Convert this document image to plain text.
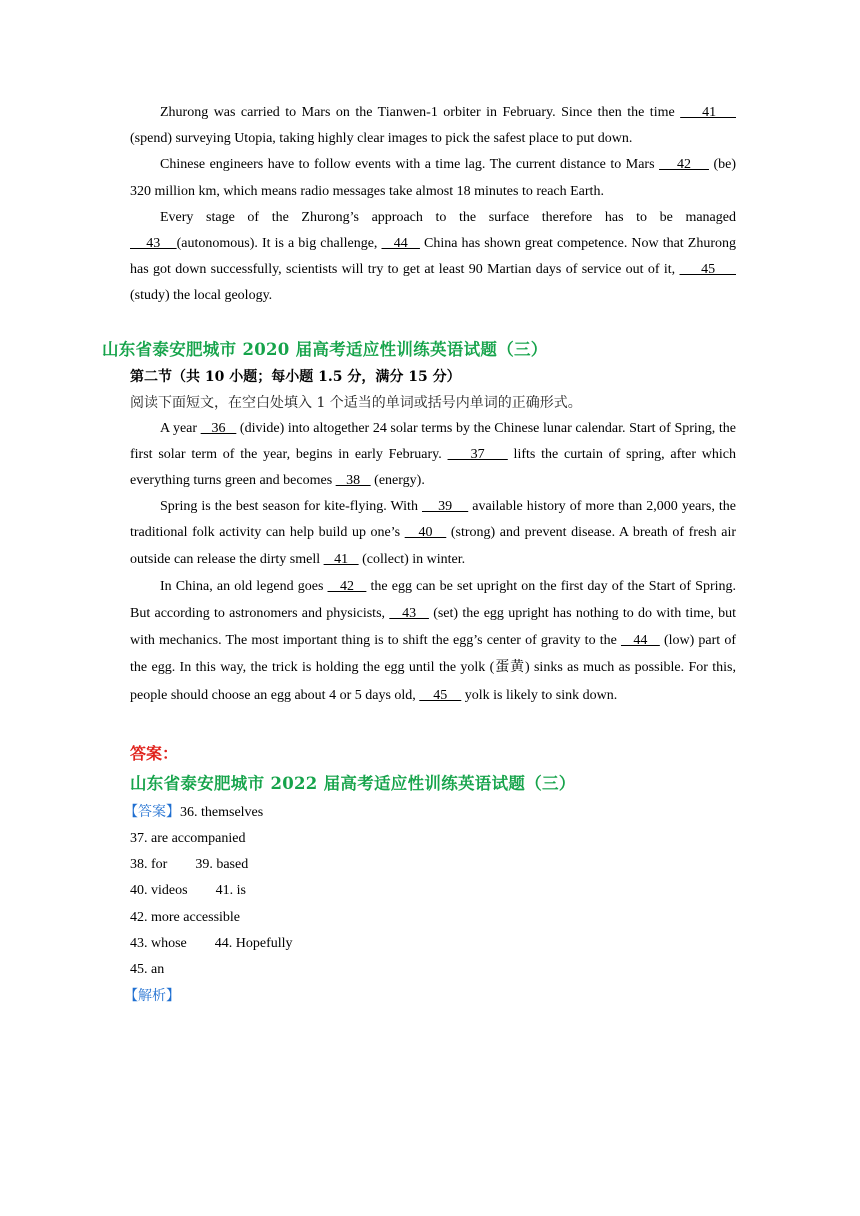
Zhurong was carried to Mars on the Tianwen-1 orbiter in February. Since then the time     41     (spend) surveying Utopia, taking highly clear images to pick the safest place to put down.

Chinese engineers have to follow events with a time lag. The current distance to Mars     42     (be) 320 million km, which means radio messages take almost 18 minutes to reach Earth.

Every stage of the Zhurong’s approach to the surface therefore has to be managed     43    (autonomous). It is a big challenge,    44    China has shown great competence. Now that Zhurong has got down successfully, scientists will try to get at least 90 Martian days of service out of it,      45      (study) the local geology.

山东省泰安肥城市 2020 届高考适应性训练英语试题（三）
第二节（共 10 小题；每小题 1.5 分，满分 15 分）
阅读下面短文，在空白处填入 1 个适当的单词或括号内单词的正确形式。

A year    36    (divide) into altogether 24 solar terms by the Chinese lunar calendar. Start of Spring, the first solar term of the year, begins in early February.     37     lifts the curtain of spring, after which everything turns green and becomes    38    (energy).

Spring is the best season for kite-flying. With     39     available history of more than 2,000 years, the traditional folk activity can help build up one’s    40    (strong) and prevent disease. A breath of fresh air outside can release the dirty smell    41    (collect) in winter.

In China, an old legend goes    42    the egg can be set upright on the first day of the Start of Spring. But according to astronomers and physicists,    43    (set) the egg upright has nothing to do with time, but with mechanics. The most important thing is to shift the egg’s center of gravity to the    44    (low) part of the egg. In this way, the trick is holding the egg until the yolk (蛋黄) sinks as much as possible. For this, people should choose an egg about 4 or 5 days old,     45     yolk is likely to sink down.

答案：
山东省泰安肥城市 2022 届高考适应性训练英语试题（三）
【答案】36. themselves
37. are accompanied
38. for 39. based
40. videos 41. is
42. more accessible
43. whose 44. Hopefully
45. an
【解析】
